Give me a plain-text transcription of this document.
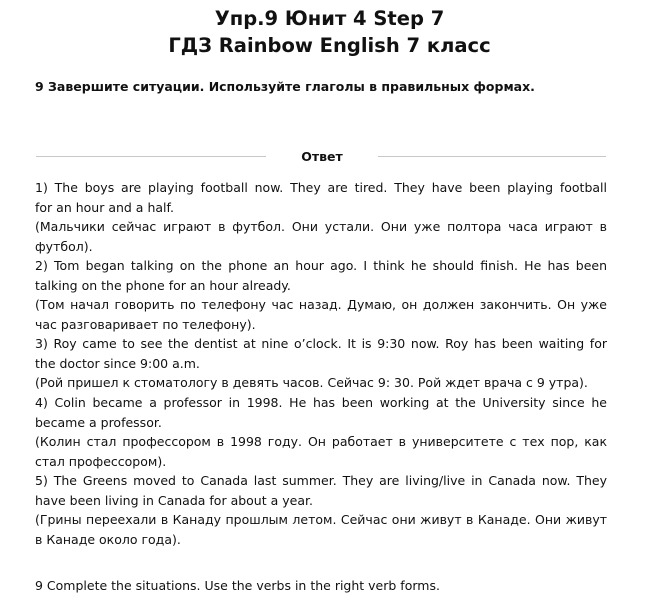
Упр.9 Юнит 4 Step 7
ГДЗ Rainbow English 7 класс
9 Завершите ситуации. Используйте глаголы в правильных формах.
Ответ
1) The boys are playing football now. They are tired. They have been playing football
for an hour and a half.
(Мальчики сейчас играют в футбол. Они устали. Они уже полтора часа играют в
футбол).
2) Tom began talking on the phone an hour ago. I think he should finish. He has been
talking on the phone for an hour already.
(Том начал говорить по телефону час назад. Думаю, он должен закончить. Он уже
час разговаривает по телефону).
3) Roy came to see the dentist at nine o’clock. It is 9:30 now. Roy has been waiting for
the doctor since 9:00 a.m.
(Рой пришел к стоматологу в девять часов. Сейчас 9: 30. Рой ждет врача с 9 утра).
4) Colin became a professor in 1998. He has been working at the University since he
became a professor.
(Колин стал профессором в 1998 году. Он работает в университете с тех пор, как
стал профессором).
5) The Greens moved to Canada last summer. They are living/live in Canada now. They
have been living in Canada for about a year.
(Грины переехали в Канаду прошлым летом. Сейчас они живут в Канаде. Они живут
в Канаде около года).
9 Complete the situations. Use the verbs in the right verb forms.
